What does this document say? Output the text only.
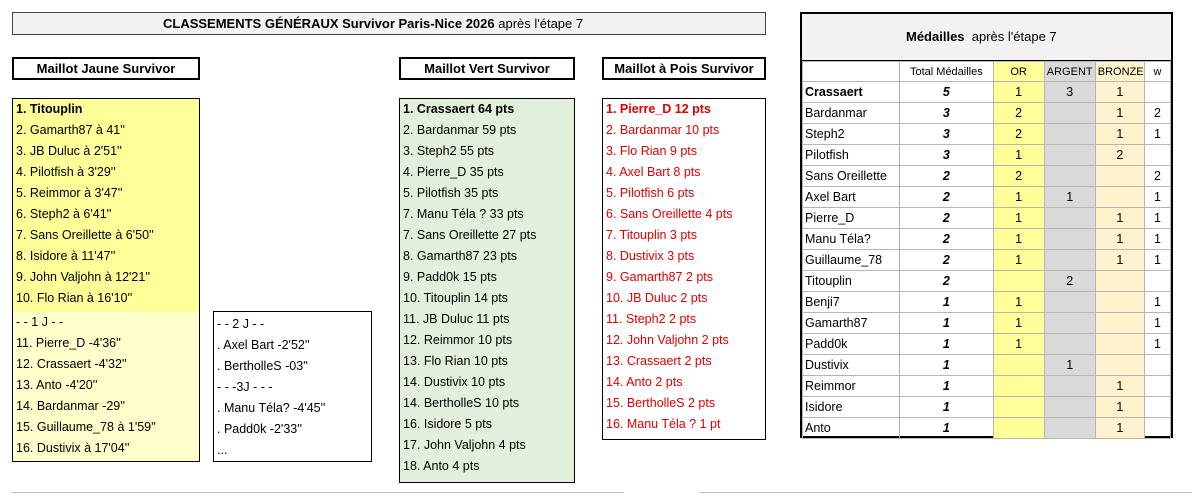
CLASSEMENTS GÉNÉRAUX Survivor Paris-Nice 2026 après l'étape 7
Maillot Jaune Survivor	Maillot Vert Survivor	Maillot à Pois Survivor
1. Titouplin
2. Gamarth87 à 41''
3. JB Duluc à 2'51''
4. Pilotfish à 3'29''
5. Reimmor à 3'47''
6. Steph2 à 6'41''
7. Sans Oreillette à 6'50''
8. Isidore à 11'47''
9. John Valjohn à 12'21''
10. Flo Rian à 16'10''
- - 1 J - -
11. Pierre_D -4'36''
12. Crassaert -4'32''
13. Anto -4'20''
14. Bardanmar -29''
15. Guillaume_78 à 1'59''
16. Dustivix à 17'04''
- - 2 J - -
. Axel Bart -2'52''
. BertholleS -03''
- - -3J - - -
. Manu Téla? -4'45''
. Padd0k -2'33''
...
1. Crassaert 64 pts
2. Bardanmar 59 pts
3. Steph2 55 pts
4. Pierre_D 35 pts
5. Pilotfish 35 pts
7. Manu Téla ? 33 pts
7. Sans Oreillette 27 pts
8. Gamarth87 23 pts
9. Padd0k 15 pts
10. Titouplin 14 pts
11. JB Duluc 11 pts
12. Reimmor 10 pts
13. Flo Rian 10 pts
14. Dustivix 10 pts
14. BertholleS 10 pts
16. Isidore 5 pts
17. John Valjohn 4 pts
18. Anto 4 pts
1. Pierre_D 12 pts
2. Bardanmar 10 pts
3. Flo Rian 9 pts
4. Axel Bart 8 pts
5. Pilotfish 6 pts
6. Sans Oreillette 4 pts
7. Titouplin 3 pts
8. Dustivix 3 pts
9. Gamarth87 2 pts
10. JB Duluc 2 pts
11. Steph2 2 pts
12. John Valjohn 2 pts
13. Crassaert 2 pts
14. Anto 2 pts
15. BertholleS 2 pts
16. Manu Téla ? 1 pt
Médailles après l'étape 7
	Total Médailles	OR	ARGENT	BRONZE	w
Crassaert	5	1	3	1	
Bardanmar	3	2		1	2
Steph2	3	2		1	1
Pilotfish	3	1		2	
Sans Oreillette	2	2			2
Axel Bart	2	1	1		1
Pierre_D	2	1		1	1
Manu Téla?	2	1		1	1
Guillaume_78	2	1		1	1
Titouplin	2		2		
Benji7	1	1			1
Gamarth87	1	1			1
Padd0k	1	1			1
Dustivix	1		1		
Reimmor	1			1	
Isidore	1			1	
Anto	1			1	
